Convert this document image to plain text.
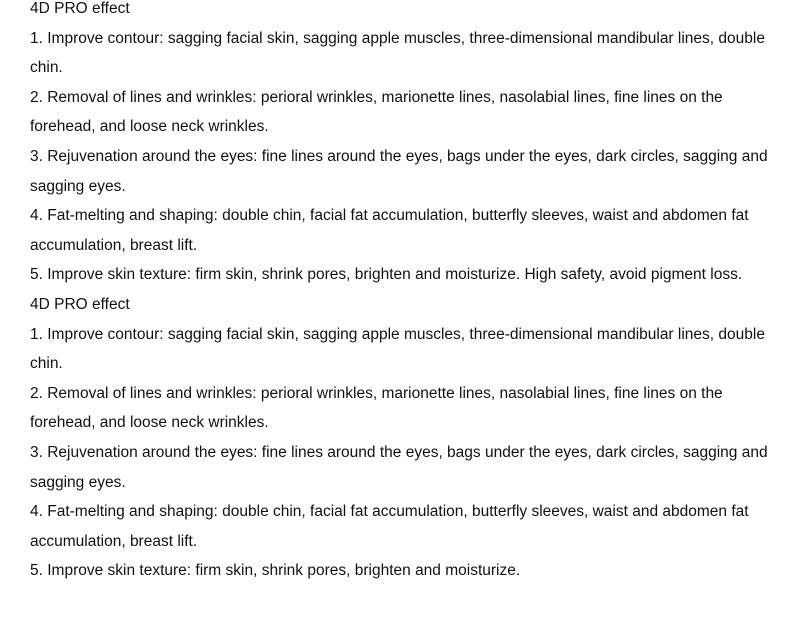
4D PRO effect

1. Improve contour: sagging facial skin, sagging apple muscles, three-dimensional mandibular lines, double chin.

2. Removal of lines and wrinkles: perioral wrinkles, marionette lines, nasolabial lines, fine lines on the forehead, and loose neck wrinkles.

3. Rejuvenation around the eyes: fine lines around the eyes, bags under the eyes, dark circles, sagging and sagging eyes.

4. Fat-melting and shaping: double chin, facial fat accumulation, butterfly sleeves, waist and abdomen fat accumulation, breast lift.

5. Improve skin texture: firm skin, shrink pores, brighten and moisturize. High safety, avoid pigment loss.

4D PRO effect

1. Improve contour: sagging facial skin, sagging apple muscles, three-dimensional mandibular lines, double chin.

2. Removal of lines and wrinkles: perioral wrinkles, marionette lines, nasolabial lines, fine lines on the forehead, and loose neck wrinkles.

3. Rejuvenation around the eyes: fine lines around the eyes, bags under the eyes, dark circles, sagging and sagging eyes.

4. Fat-melting and shaping: double chin, facial fat accumulation, butterfly sleeves, waist and abdomen fat accumulation, breast lift.

5. Improve skin texture: firm skin, shrink pores, brighten and moisturize.
